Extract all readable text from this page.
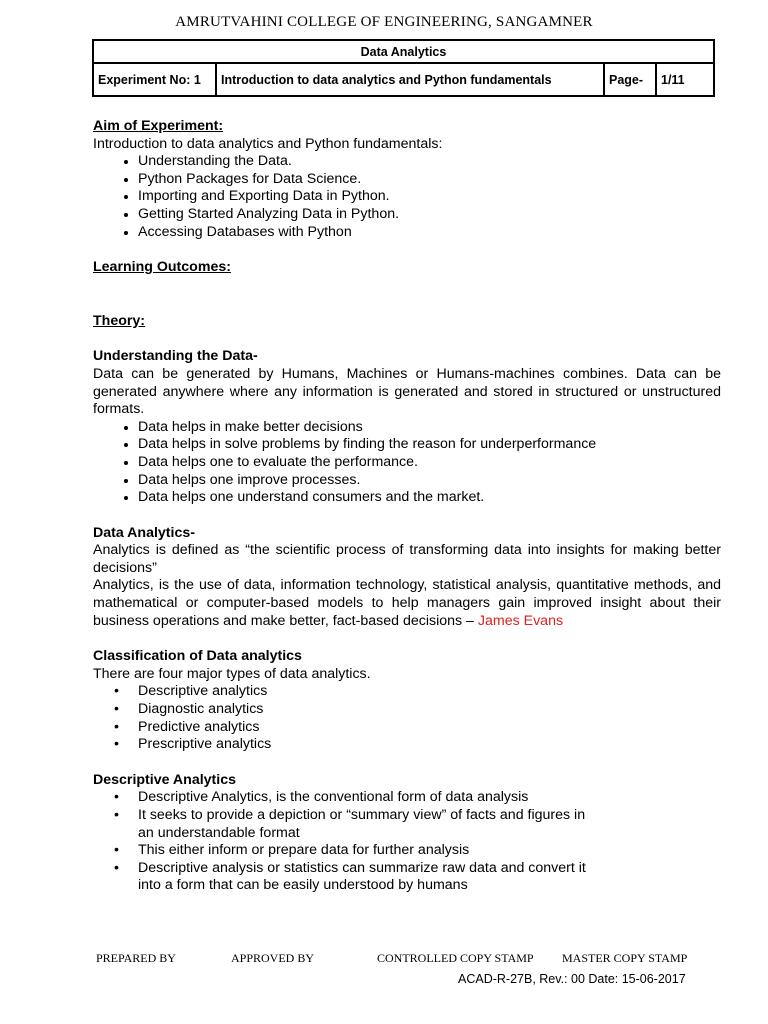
AMRUTVAHINI COLLEGE OF ENGINEERING, SANGAMNER
Data Analytics
Experiment No: 1	Introduction to data analytics and Python fundamentals	Page-	1/11

Aim of Experiment:

Introduction to data analytics and Python fundamentals:

• Understanding the Data.
• Python Packages for Data Science.
• Importing and Exporting Data in Python.
• Getting Started Analyzing Data in Python.
• Accessing Databases with Python

Learning Outcomes:

Theory:

Understanding the Data-

Data can be generated by Humans, Machines or Humans-machines combines. Data can be generated anywhere where any information is generated and stored in structured or unstructured formats.

• Data helps in make better decisions
• Data helps in solve problems by finding the reason for underperformance
• Data helps one to evaluate the performance.
• Data helps one improve processes.
• Data helps one understand consumers and the market.

Data Analytics-

Analytics is defined as “the scientific process of transforming data into insights for making better decisions”

Analytics, is the use of data, information technology, statistical analysis, quantitative methods, and mathematical or computer-based models to help managers gain improved insight about their business operations and make better, fact-based decisions – James Evans

Classification of Data analytics

There are four major types of data analytics.

• Descriptive analytics
• Diagnostic analytics
• Predictive analytics
• Prescriptive analytics

Descriptive Analytics

• Descriptive Analytics, is the conventional form of data analysis
• It seeks to provide a depiction or “summary view” of facts and figures in
an understandable format
• This either inform or prepare data for further analysis
• Descriptive analysis or statistics can summarize raw data and convert it
into a form that can be easily understood by humans
PREPARED BY	APPROVED BY	CONTROLLED COPY STAMP MASTER COPY STAMP
ACAD-R-27B, Rev.: 00 Date: 15-06-2017
